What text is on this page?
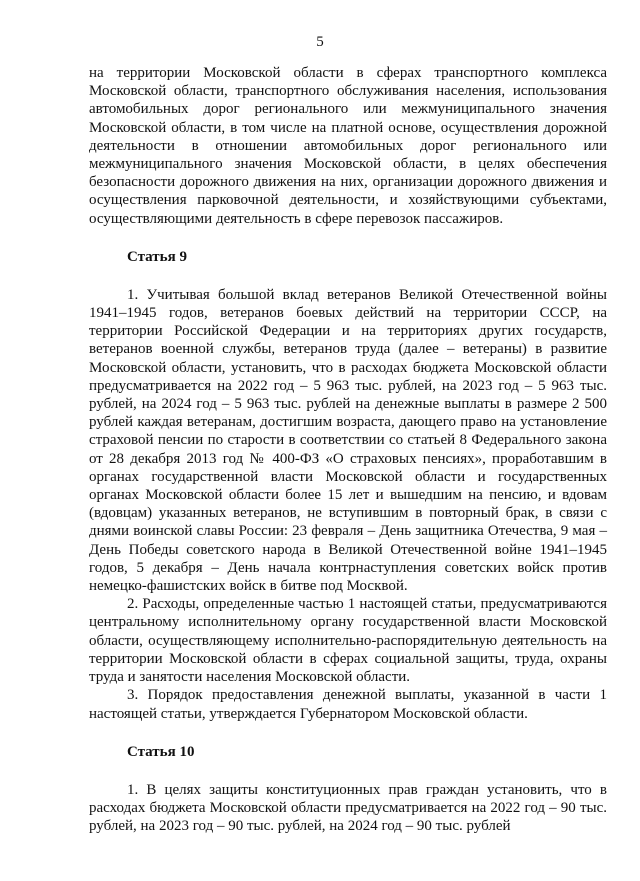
5

на территории Московской области в сферах транспортного комплекса Московской области, транспортного обслуживания населения, использования автомобильных дорог регионального или межмуниципального значения Московской области, в том числе на платной основе, осуществления дорожной деятельности в отношении автомобильных дорог регионального или межмуниципального значения Московской области, в целях обеспечения безопасности дорожного движения на них, организации дорожного движения и осуществления парковочной деятельности, и хозяйствующими субъектами, осуществляющими деятельность в сфере перевозок пассажиров.

Статья 9

1. Учитывая большой вклад ветеранов Великой Отечественной войны 1941–1945 годов, ветеранов боевых действий на территории СССР, на территории Российской Федерации и на территориях других государств, ветеранов военной службы, ветеранов труда (далее – ветераны) в развитие Московской области, установить, что в расходах бюджета Московской области предусматривается на 2022 год – 5 963 тыс. рублей, на 2023 год – 5 963 тыс. рублей, на 2024 год – 5 963 тыс. рублей на денежные выплаты в размере 2 500 рублей каждая ветеранам, достигшим возраста, дающего право на установление страховой пенсии по старости в соответствии со статьей 8 Федерального закона от 28 декабря 2013 год № 400-ФЗ «О страховых пенсиях», проработавшим в органах государственной власти Московской области и государственных органах Московской области более 15 лет и вышедшим на пенсию, и вдовам (вдовцам) указанных ветеранов, не вступившим в повторный брак, в связи с днями воинской славы России: 23 февраля – День защитника Отечества, 9 мая – День Победы советского народа в Великой Отечественной войне 1941–1945 годов, 5 декабря – День начала контрнаступления советских войск против немецко-фашистских войск в битве под Москвой.

2. Расходы, определенные частью 1 настоящей статьи, предусматриваются центральному исполнительному органу государственной власти Московской области, осуществляющему исполнительно-распорядительную деятельность на территории Московской области в сферах социальной защиты, труда, охраны труда и занятости населения Московской области.

3. Порядок предоставления денежной выплаты, указанной в части 1 настоящей статьи, утверждается Губернатором Московской области.

Статья 10

1. В целях защиты конституционных прав граждан установить, что в расходах бюджета Московской области предусматривается на 2022 год – 90 тыс. рублей, на 2023 год – 90 тыс. рублей, на 2024 год – 90 тыс. рублей
